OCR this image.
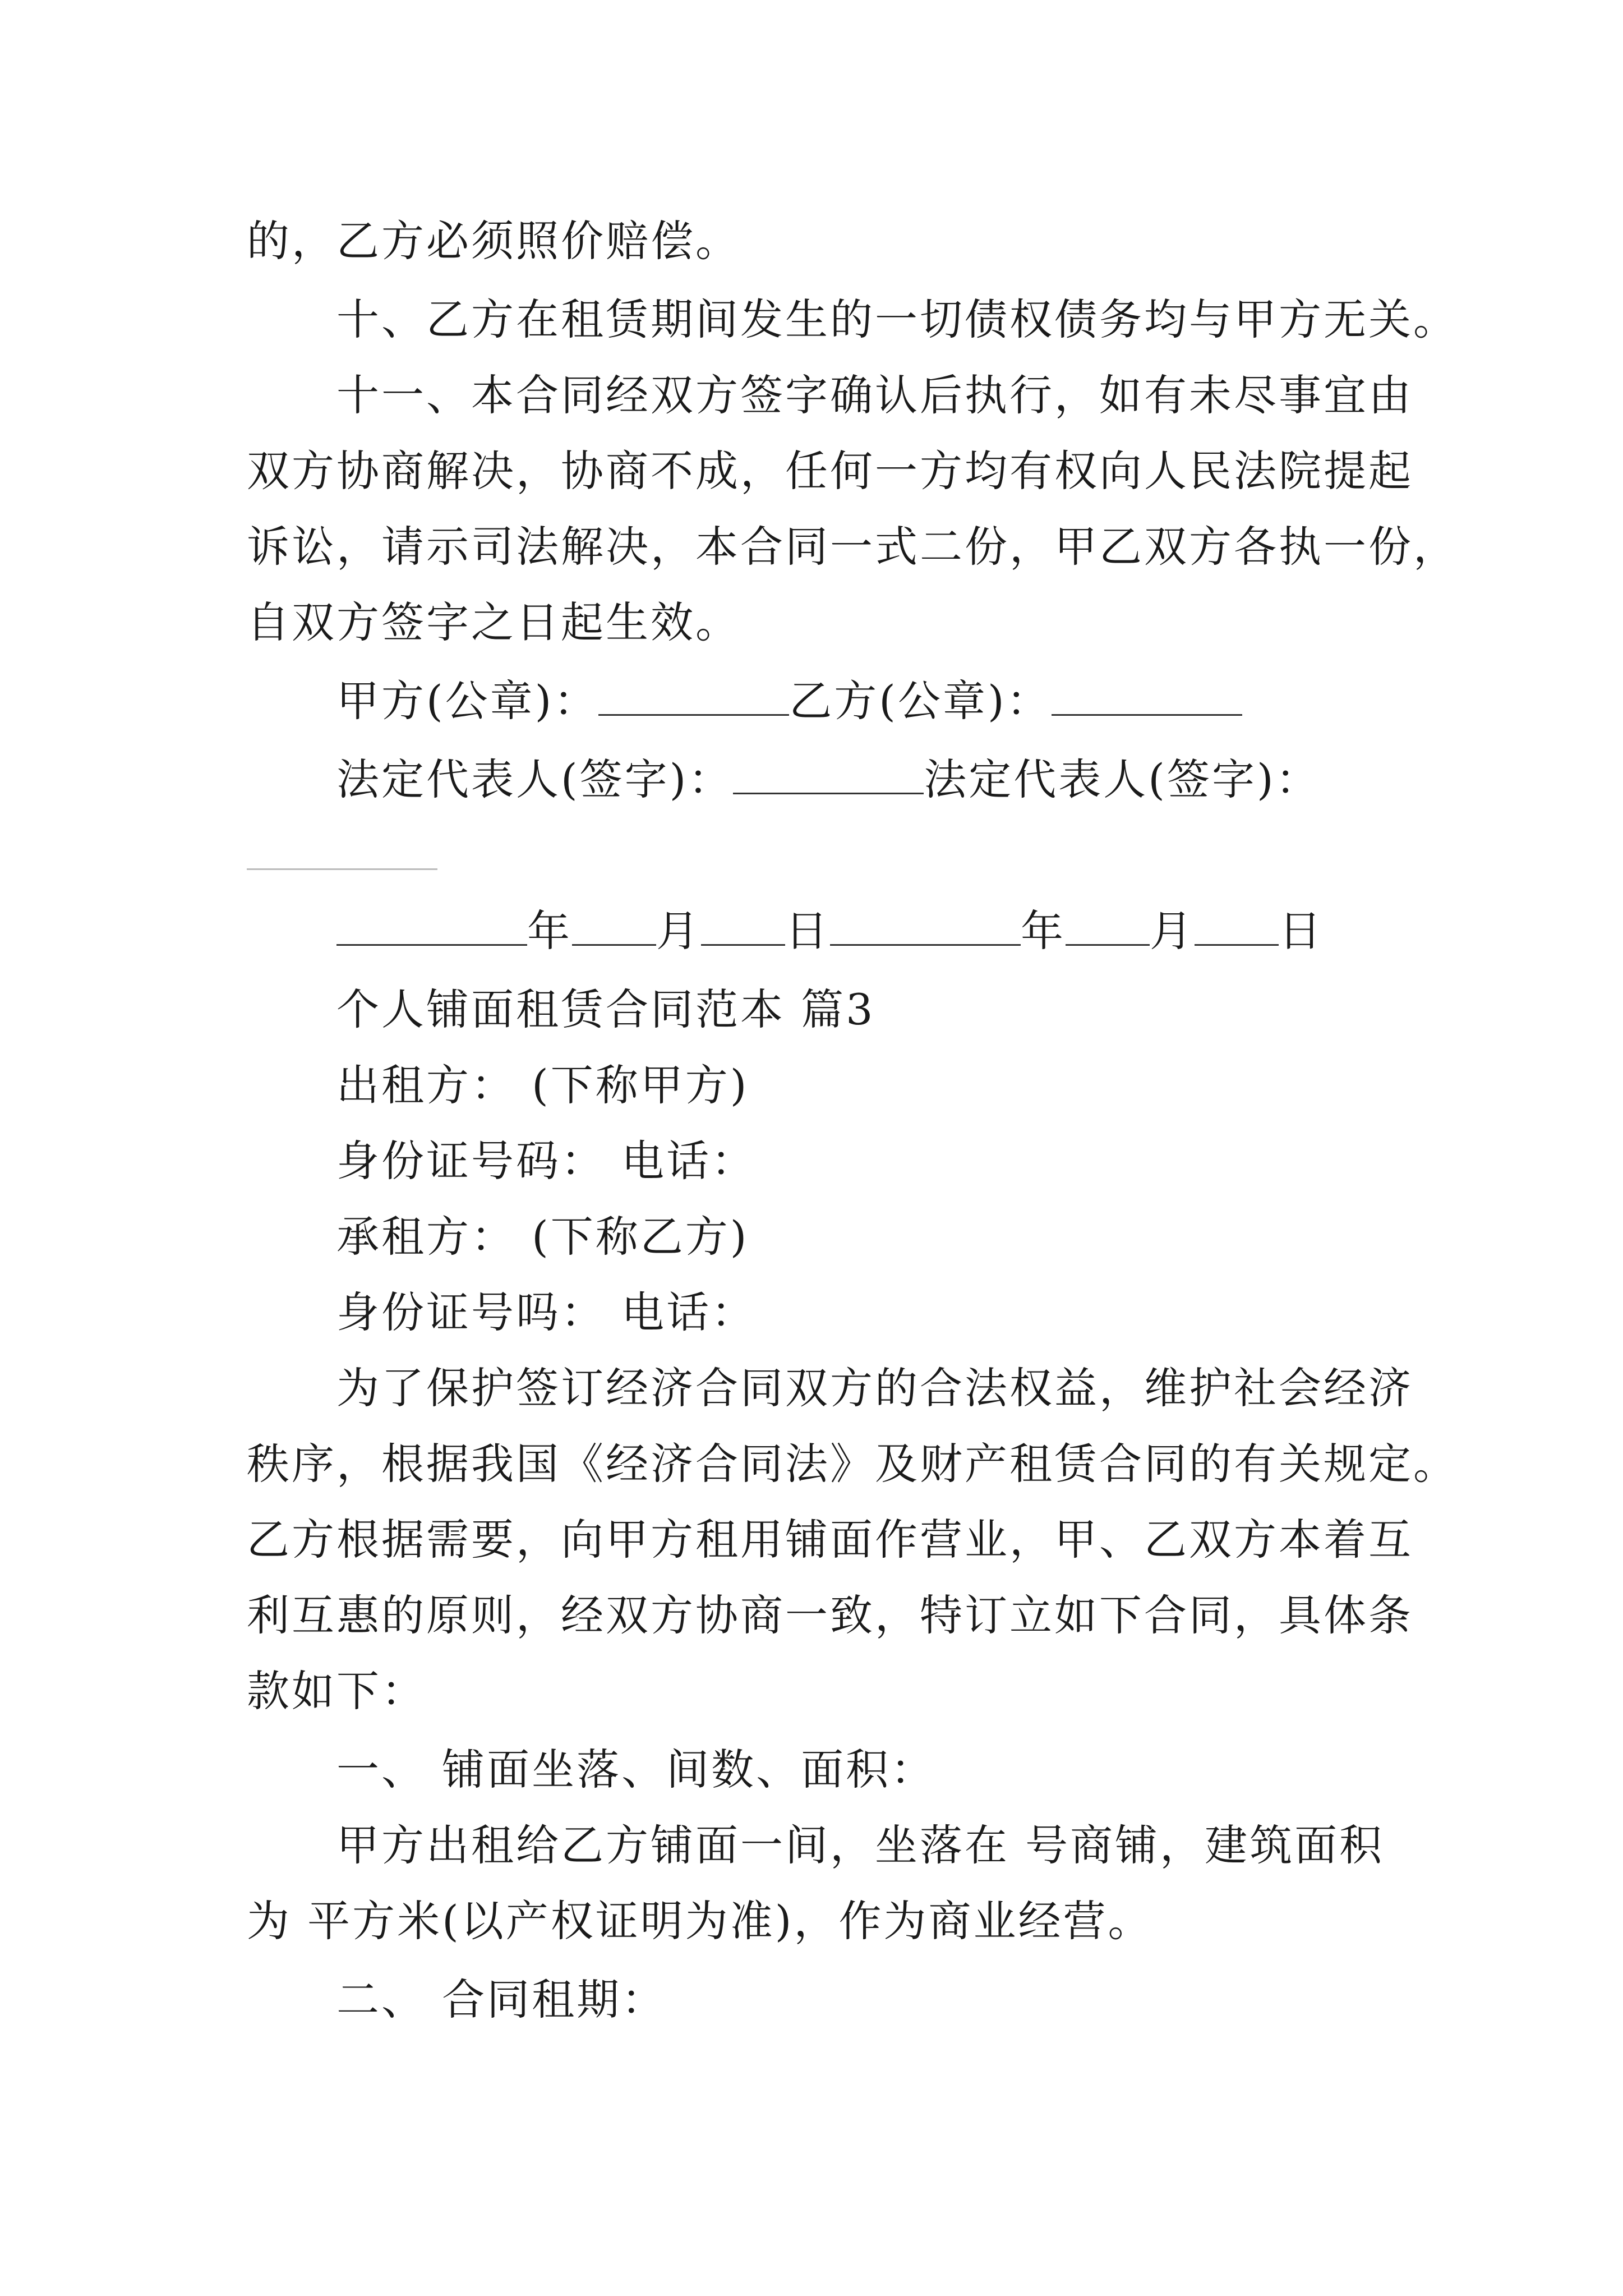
的，乙方必须照价赔偿。
十、乙方在租赁期间发生的一切债权债务均与甲方无关。
十一、本合同经双方签字确认后执行，如有未尽事宜由
双方协商解决，协商不成，任何一方均有权向人民法院提起
诉讼，请示司法解决，本合同一式二份，甲乙双方各执一份，
自双方签字之日起生效。
甲方(公章)：	乙方(公章)：
法定代表人(签字)：	法定代表人(签字)：
年 月 日	年 月 日
个人铺面租赁合同范本 篇3
出租方： (下称甲方)
身份证号码： 电话：
承租方： (下称乙方)
身份证号吗： 电话：
为了保护签订经济合同双方的合法权益，维护社会经济
秩序，根据我国《经济合同法》及财产租赁合同的有关规定。
乙方根据需要，向甲方租用铺面作营业，甲、乙双方本着互
利互惠的原则，经双方协商一致，特订立如下合同，具体条
款如下：
一、 铺面坐落、间数、面积：
甲方出租给乙方铺面一间，坐落在 号商铺，建筑面积
为 平方米(以产权证明为准)，作为商业经营。
二、 合同租期：
